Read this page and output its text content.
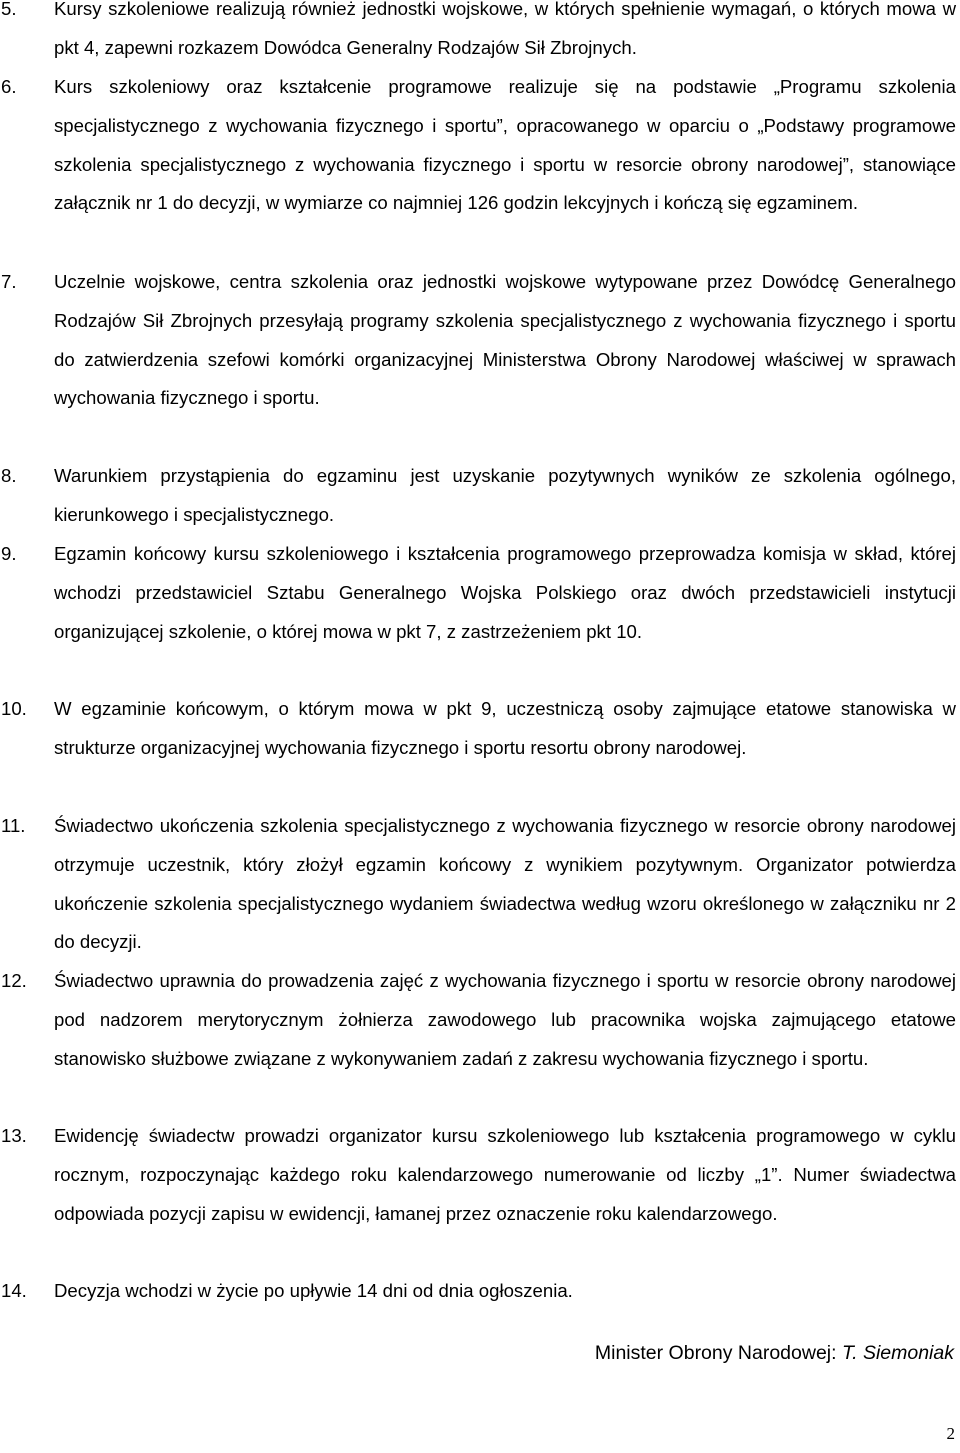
5.	Kursy szkoleniowe realizują również jednostki wojskowe, w których spełnienie wymagań, o których mowa w pkt 4, zapewni rozkazem Dowódca Generalny Rodzajów Sił Zbrojnych.
6.	Kurs szkoleniowy oraz kształcenie programowe realizuje się na podstawie „Programu szkolenia specjalistycznego z wychowania fizycznego i sportu”, opracowanego w oparciu o „Podstawy programowe szkolenia specjalistycznego z wychowania fizycznego i sportu w resorcie obrony narodowej”, stanowiące załącznik nr 1 do decyzji, w wymiarze co najmniej 126 godzin lekcyjnych i kończą się egzaminem.
7.	Uczelnie wojskowe, centra szkolenia oraz jednostki wojskowe wytypowane przez Dowódcę Generalnego Rodzajów Sił Zbrojnych przesyłają programy szkolenia specjalistycznego z wychowania fizycznego i sportu do zatwierdzenia szefowi komórki organizacyjnej Ministerstwa Obrony Narodowej właściwej w sprawach wychowania fizycznego i sportu.
8.	Warunkiem przystąpienia do egzaminu jest uzyskanie pozytywnych wyników ze szkolenia ogólnego, kierunkowego i specjalistycznego.
9.	Egzamin końcowy kursu szkoleniowego i kształcenia programowego przeprowadza komisja w skład, której wchodzi przedstawiciel Sztabu Generalnego Wojska Polskiego oraz dwóch przedstawicieli instytucji organizującej szkolenie, o której mowa w pkt 7, z zastrzeżeniem pkt 10.
10.	W egzaminie końcowym, o którym mowa w pkt 9, uczestniczą osoby zajmujące etatowe stanowiska w strukturze organizacyjnej wychowania fizycznego i sportu resortu obrony narodowej.
11.	Świadectwo ukończenia szkolenia specjalistycznego z wychowania fizycznego w resorcie obrony narodowej otrzymuje uczestnik, który złożył egzamin końcowy z wynikiem pozytywnym. Organizator potwierdza ukończenie szkolenia specjalistycznego wydaniem świadectwa według wzoru określonego w załączniku nr 2 do decyzji.
12.	Świadectwo uprawnia do prowadzenia zajęć z wychowania fizycznego i sportu w resorcie obrony narodowej pod nadzorem merytorycznym żołnierza zawodowego lub pracownika wojska zajmującego etatowe stanowisko służbowe związane z wykonywaniem zadań z zakresu wychowania fizycznego i sportu.
13.	Ewidencję świadectw prowadzi organizator kursu szkoleniowego lub kształcenia programowego w cyklu rocznym, rozpoczynając każdego roku kalendarzowego numerowanie od liczby „1”. Numer świadectwa odpowiada pozycji zapisu w ewidencji, łamanej przez oznaczenie roku kalendarzowego.
14.	Decyzja wchodzi w życie po upływie 14 dni od dnia ogłoszenia.
Minister Obrony Narodowej: T. Siemoniak
2
